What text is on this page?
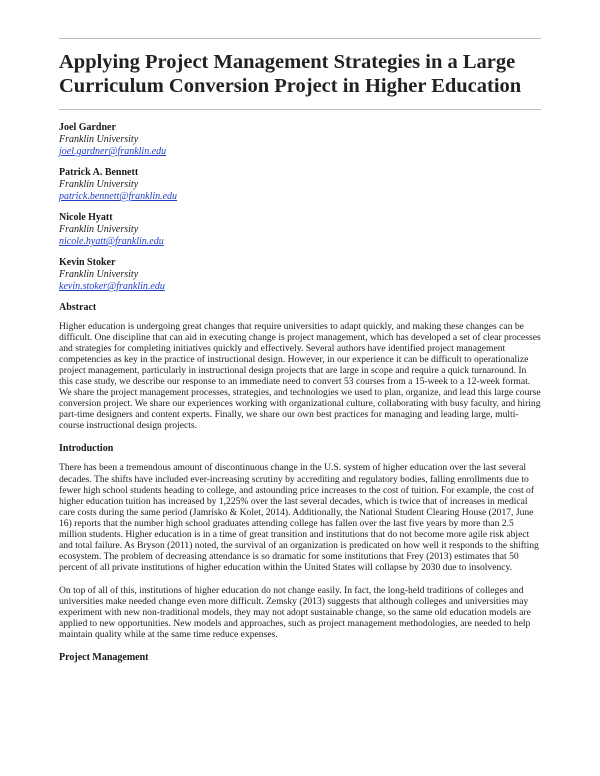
Applying Project Management Strategies in a Large Curriculum Conversion Project in Higher Education
Joel Gardner
Franklin University
joel.gardner@franklin.edu
Patrick A. Bennett
Franklin University
patrick.bennett@franklin.edu
Nicole Hyatt
Franklin University
nicole.hyatt@franklin.edu
Kevin Stoker
Franklin University
kevin.stoker@franklin.edu
Abstract

Higher education is undergoing great changes that require universities to adapt quickly, and making these changes can be difficult. One discipline that can aid in executing change is project management, which has developed a set of clear processes and strategies for completing initiatives quickly and effectively. Several authors have identified project management competencies as key in the practice of instructional design. However, in our experience it can be difficult to operationalize project management, particularly in instructional design projects that are large in scope and require a quick turnaround. In this case study, we describe our response to an immediate need to convert 53 courses from a 15-week to a 12-week format. We share the project management processes, strategies, and technologies we used to plan, organize, and lead this large course conversion project. We share our experiences working with organizational culture, collaborating with busy faculty, and hiring part-time designers and content experts. Finally, we share our own best practices for managing and leading large, multi-course instructional design projects.

Introduction

There has been a tremendous amount of discontinuous change in the U.S. system of higher education over the last several decades. The shifts have included ever-increasing scrutiny by accrediting and regulatory bodies, falling enrollments due to fewer high school students heading to college, and astounding price increases to the cost of tuition. For example, the cost of higher education tuition has increased by 1,225% over the last several decades, which is twice that of increases in medical care costs during the same period (Jamrisko & Kolet, 2014). Additionally, the National Student Clearing House (2017, June 16) reports that the number high school graduates attending college has fallen over the last five years by more than 2.5 million students. Higher education is in a time of great transition and institutions that do not become more agile risk abject and total failure. As Bryson (2011) noted, the survival of an organization is predicated on how well it responds to the shifting ecosystem. The problem of decreasing attendance is so dramatic for some institutions that Frey (2013) estimates that 50 percent of all private institutions of higher education within the United States will collapse by 2030 due to insolvency.

On top of all of this, institutions of higher education do not change easily. In fact, the long-held traditions of colleges and universities make needed change even more difficult. Zemsky (2013) suggests that although colleges and universities may experiment with new non-traditional models, they may not adopt sustainable change, so the same old education models are applied to new opportunities. New models and approaches, such as project management methodologies, are needed to help maintain quality while at the same time reduce expenses.

Project Management
